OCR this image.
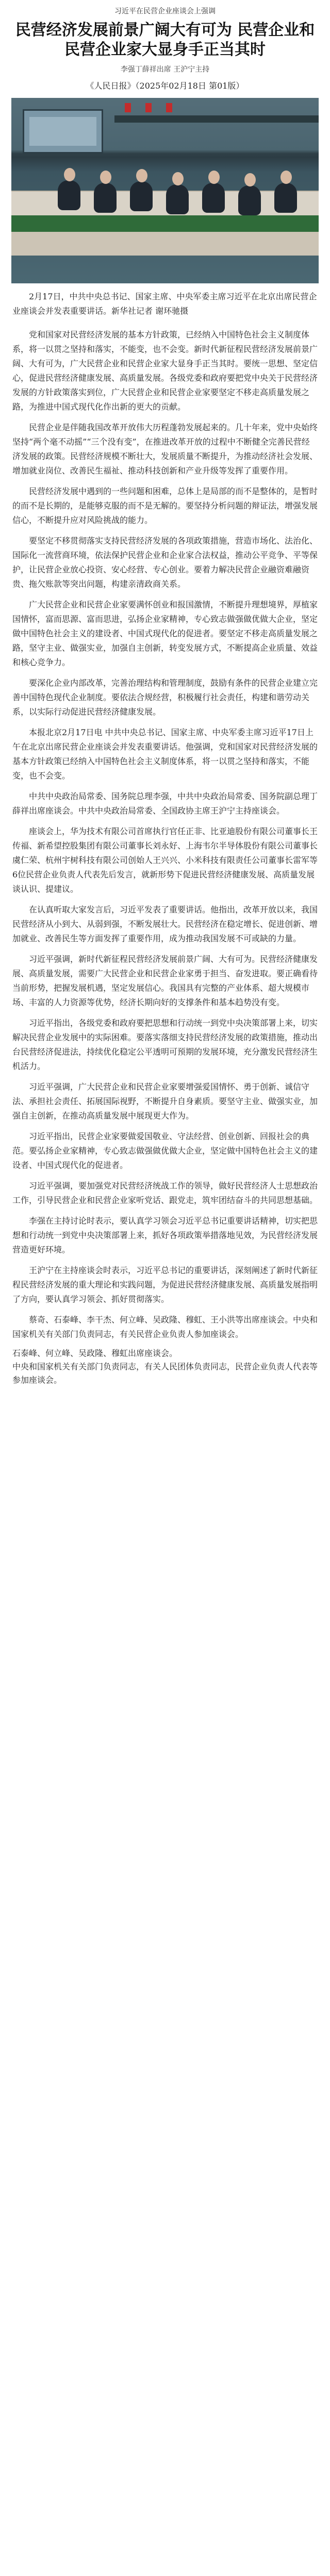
习近平在民营企业座谈会上强调
民营经济发展前景广阔大有可为 民营企业和民营企业家大显身手正当其时
李强丁薛祥出席 王沪宁主持
《人民日报》（2025年02月18日 第01版）
2月17日，中共中央总书记、国家主席、中央军委主席习近平在北京出席民营企业座谈会并发表重要讲话。新华社记者 谢环驰摄

党和国家对民营经济发展的基本方针政策，已经纳入中国特色社会主义制度体系，将一以贯之坚持和落实，不能变，也不会变。新时代新征程民营经济发展前景广阔、大有可为，广大民营企业和民营企业家大显身手正当其时。要统一思想、坚定信心，促进民营经济健康发展、高质量发展。各级党委和政府要把党中央关于民营经济发展的方针政策落实到位，广大民营企业和民营企业家要坚定不移走高质量发展之路，为推进中国式现代化作出新的更大的贡献。

民营企业是伴随我国改革开放伟大历程蓬勃发展起来的。几十年来，党中央始终坚持“两个毫不动摇”“三个没有变”，在推进改革开放的过程中不断健全完善民营经济发展的政策。民营经济规模不断壮大，发展质量不断提升，为推动经济社会发展、增加就业岗位、改善民生福祉、推动科技创新和产业升级等发挥了重要作用。

民营经济发展中遇到的一些问题和困难，总体上是局部的而不是整体的，是暂时的而不是长期的，是能够克服的而不是无解的。要坚持分析问题的辩证法，增强发展信心，不断提升应对风险挑战的能力。

要坚定不移贯彻落实支持民营经济发展的各项政策措施，营造市场化、法治化、国际化一流营商环境，依法保护民营企业和企业家合法权益，推动公平竞争、平等保护，让民营企业放心投资、安心经营、专心创业。要着力解决民营企业融资难融资贵、拖欠账款等突出问题，构建亲清政商关系。

广大民营企业和民营企业家要满怀创业和报国激情，不断提升理想境界，厚植家国情怀，富而思源、富而思进，弘扬企业家精神，专心致志做强做优做大企业，坚定做中国特色社会主义的建设者、中国式现代化的促进者。要坚定不移走高质量发展之路，坚守主业、做强实业，加强自主创新，转变发展方式，不断提高企业质量、效益和核心竞争力。

要深化企业内部改革，完善治理结构和管理制度，鼓励有条件的民营企业建立完善中国特色现代企业制度。要依法合规经营，积极履行社会责任，构建和谐劳动关系，以实际行动促进民营经济健康发展。

本报北京2月17日电 中共中央总书记、国家主席、中央军委主席习近平17日上午在北京出席民营企业座谈会并发表重要讲话。他强调，党和国家对民营经济发展的基本方针政策已经纳入中国特色社会主义制度体系，将一以贯之坚持和落实，不能变，也不会变。

中共中央政治局常委、国务院总理李强，中共中央政治局常委、国务院副总理丁薛祥出席座谈会。中共中央政治局常委、全国政协主席王沪宁主持座谈会。

座谈会上，华为技术有限公司首席执行官任正非、比亚迪股份有限公司董事长王传福、新希望控股集团有限公司董事长刘永好、上海韦尔半导体股份有限公司董事长虞仁荣、杭州宇树科技有限公司创始人王兴兴、小米科技有限责任公司董事长雷军等6位民营企业负责人代表先后发言，就新形势下促进民营经济健康发展、高质量发展谈认识、提建议。

在认真听取大家发言后，习近平发表了重要讲话。他指出，改革开放以来，我国民营经济从小到大、从弱到强，不断发展壮大。民营经济在稳定增长、促进创新、增加就业、改善民生等方面发挥了重要作用，成为推动我国发展不可或缺的力量。

习近平强调，新时代新征程民营经济发展前景广阔、大有可为。民营经济健康发展、高质量发展，需要广大民营企业和民营企业家勇于担当、奋发进取。要正确看待当前形势，把握发展机遇，坚定发展信心。我国具有完整的产业体系、超大规模市场、丰富的人力资源等优势，经济长期向好的支撑条件和基本趋势没有变。

习近平指出，各级党委和政府要把思想和行动统一到党中央决策部署上来，切实解决民营企业发展中的实际困难。要落实落细支持民营经济发展的政策措施，推动出台民营经济促进法，持续优化稳定公平透明可预期的发展环境，充分激发民营经济生机活力。

习近平强调，广大民营企业和民营企业家要增强爱国情怀、勇于创新、诚信守法、承担社会责任、拓展国际视野，不断提升自身素质。要坚守主业、做强实业，加强自主创新，在推动高质量发展中展现更大作为。

习近平指出，民营企业家要做爱国敬业、守法经营、创业创新、回报社会的典范。要弘扬企业家精神，专心致志做强做优做大企业，坚定做中国特色社会主义的建设者、中国式现代化的促进者。

习近平强调，要加强党对民营经济统战工作的领导，做好民营经济人士思想政治工作，引导民营企业和民营企业家听党话、跟党走，筑牢团结奋斗的共同思想基础。

李强在主持讨论时表示，要认真学习领会习近平总书记重要讲话精神，切实把思想和行动统一到党中央决策部署上来，抓好各项政策举措落地见效，为民营经济发展营造更好环境。

王沪宁在主持座谈会时表示，习近平总书记的重要讲话，深刻阐述了新时代新征程民营经济发展的重大理论和实践问题，为促进民营经济健康发展、高质量发展指明了方向，要认真学习领会、抓好贯彻落实。

蔡奇、石泰峰、李干杰、何立峰、吴政隆、穆虹、王小洪等出席座谈会。中央和国家机关有关部门负责同志，有关民营企业负责人参加座谈会。

石泰峰、何立峰、吴政隆、穆虹出席座谈会。
中央和国家机关有关部门负责同志，有关人民团体负责同志，民营企业负责人代表等参加座谈会。
